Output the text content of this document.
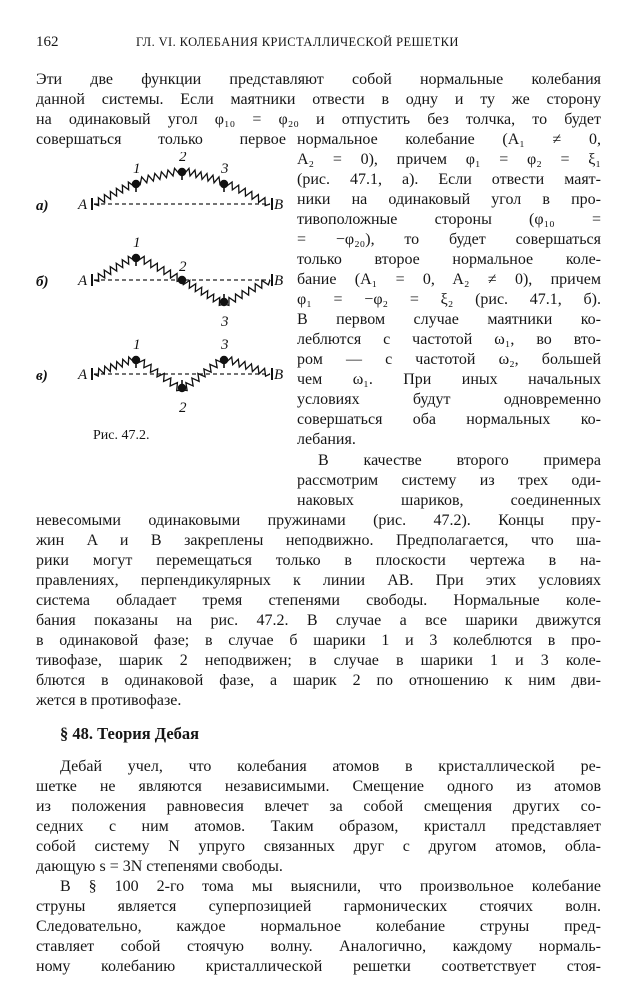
162	ГЛ. VI. КОЛЕБАНИЯ КРИСТАЛЛИЧЕСКОЙ РЕШЕТКИ
Эти две функции представляют собой нормальные колебания
данной системы. Если маятники отвести в одну и ту же сторону
на одинаковый угол φ₁₀ = φ₂₀ и отпустить без толчка, то будет
совершаться только первое нормальное колебание (A₁ ≠ 0,
A₂ = 0), причем φ₁ = φ₂ = ξ₁
(рис. 47.1, а). Если отвести маят-
ники на одинаковый угол в про-
тивоположные стороны (φ₁₀ =
= −φ₂₀), то будет совершаться
только второе нормальное коле-
бание (A₁ = 0, A₂ ≠ 0), причем
φ₁ = −φ₂ = ξ₂ (рис. 47.1, б).
В первом случае маятники ко-
леблются с частотой ω₁, во вто-
ром — с частотой ω₂, большей
чем ω₁. При иных начальных
условиях будут одновременно
совершаться оба нормальных ко-
лебания.
В качестве второго примера
рассмотрим систему из трех оди-
наковых шариков, соединенных
невесомыми одинаковыми пружинами (рис. 47.2). Концы пру-
жин A и B закреплены неподвижно. Предполагается, что ша-
рики могут перемещаться только в плоскости чертежа в на-
правлениях, перпендикулярных к линии AB. При этих условиях
система обладает тремя степенями свободы. Нормальные коле-
бания показаны на рис. 47.2. В случае а все шарики движутся
в одинаковой фазе; в случае б шарики 1 и 3 колеблются в про-
тивофазе, шарик 2 неподвижен; в случае в шарики 1 и 3 коле-
блются в одинаковой фазе, а шарик 2 по отношению к ним дви-
жется в противофазе.
§ 48. Теория Дебая
Дебай учел, что колебания атомов в кристаллической ре-
шетке не являются независимыми. Смещение одного из атомов
из положения равновесия влечет за собой смещения других со-
седних с ним атомов. Таким образом, кристалл представляет
собой систему N упруго связанных друг с другом атомов, обла-
дающую s = 3N степенями свободы.
В § 100 2-го тома мы выяснили, что произвольное колебание
струны является суперпозицией гармонических стоячих волн.
Следовательно, каждое нормальное колебание струны пред-
ставляет собой стоячую волну. Аналогично, каждому нормаль-
ному колебанию кристаллической решетки соответствует стоя-
1
2
3
а) A	B
1
2
3
б) A	B
1
2
3
в) A	B
Рис. 47.2.
